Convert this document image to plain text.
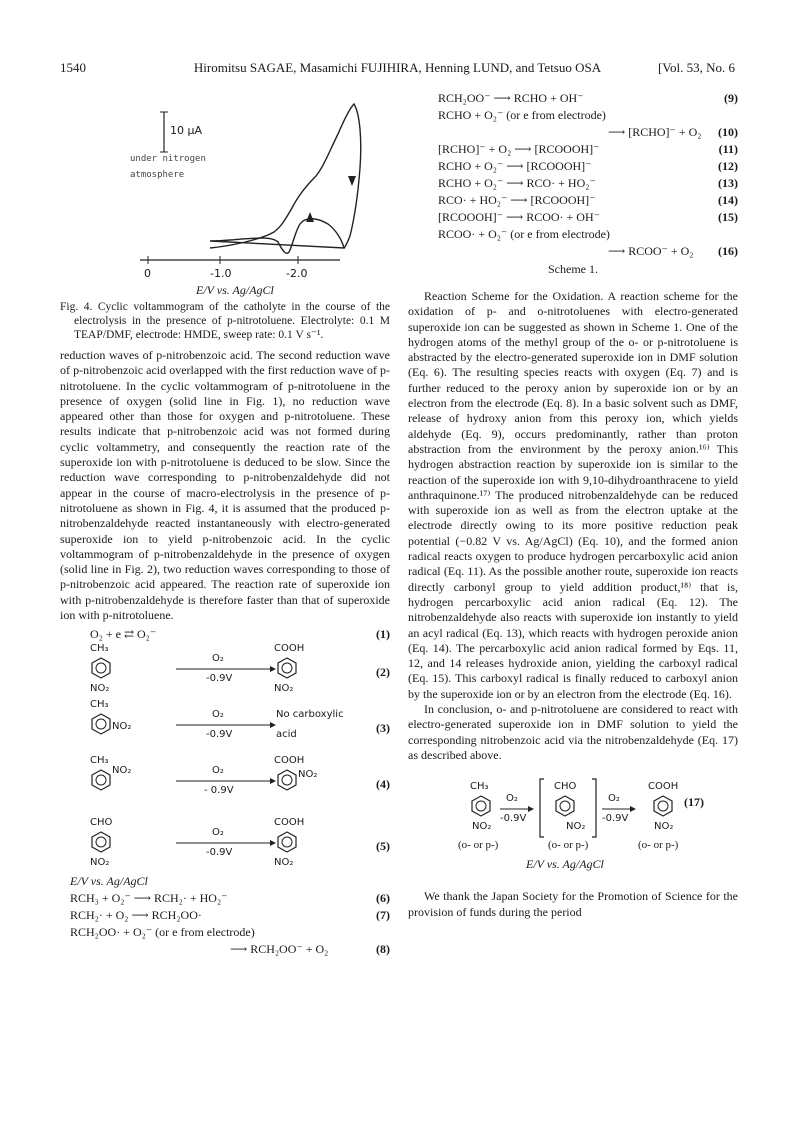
1540	Hiromitsu SAGAE, Masamichi FUJIHIRA, Henning LUND, and Tetsuo OSA	[Vol. 53, No. 6
10 μA
under nitrogen
atmosphere
0	-1.0	-2.0
E/V vs. Ag/AgCl

Fig. 4. Cyclic voltammogram of the catholyte in the course of the electrolysis in the presence of p-nitrotoluene. Electrolyte: 0.1 M TEAP/DMF, electrode: HMDE, sweep rate: 0.1 V s⁻¹.

reduction waves of p-nitrobenzoic acid. The second reduction wave of p-nitrobenzoic acid overlapped with the first reduction wave of p-nitrotoluene. In the cyclic voltammogram of p-nitrotoluene in the presence of oxygen (solid line in Fig. 1), no reduction wave appeared other than those for oxygen and p-nitrotoluene. These results indicate that p-nitrobenzoic acid was not formed during cyclic voltammetry, and consequently the reaction rate of the superoxide ion with p-nitrotoluene is deduced to be slow. Since the reduction wave corresponding to p-nitrobenzaldehyde did not appear in the course of macro-electrolysis in the presence of p-nitrotoluene as shown in Fig. 4, it is assumed that the produced p-nitrobenzaldehyde reacted instantaneously with electro-generated superoxide ion to yield p-nitrobenzoic acid. In the cyclic voltammogram of p-nitrobenzaldehyde in the presence of oxygen (solid line in Fig. 2), two reduction waves corresponding to those of p-nitrobenzoic acid appeared. The reaction rate of superoxide ion with p-nitrobenzaldehyde is therefore faster than that of superoxide ion with p-nitrotoluene.

O₂ + e ⇄ O₂⁻	(1)
CH₃
NO₂
O₂
-0.9V
COOH
NO₂
(2)
CH₃
NO₂
O₂
-0.9V
No carboxylic
acid	(3)
CH₃
NO₂	O₂
- 0.9V
COOH
NO₂
(4)
CHO
NO₂
O₂
-0.9V
COOH
NO₂
(5)
E/V vs. Ag/AgCl
RCH₃ + O₂⁻ ⟶ RCH₂· + HO₂⁻	(6)
RCH₂· + O₂ ⟶ RCH₂OO·	(7)
RCH₂OO· + O₂⁻ (or e from electrode)
⟶ RCH₂OO⁻ + O₂	(8)
RCH₂OO⁻ ⟶ RCHO + OH⁻	(9)
RCHO + O₂⁻ (or e from electrode)
⟶ [RCHO]⁻ + O₂ (10)
[RCHO]⁻ + O₂ ⟶ [RCOOOH]⁻	(11)
RCHO + O₂⁻ ⟶ [RCOOOH]⁻	(12)
RCHO + O₂⁻ ⟶ RCO· + HO₂⁻	(13)
RCO· + HO₂⁻ ⟶ [RCOOOH]⁻	(14)
[RCOOOH]⁻ ⟶ RCOO· + OH⁻	(15)
RCOO· + O₂⁻ (or e from electrode)
⟶ RCOO⁻ + O₂ (16)
Scheme 1.

Reaction Scheme for the Oxidation. A reaction scheme for the oxidation of p- and o-nitrotoluenes with electro-generated superoxide ion can be suggested as shown in Scheme 1. One of the hydrogen atoms of the methyl group of the o- or p-nitrotoluene is abstracted by the electro-generated superoxide ion in DMF solution (Eq. 6). The resulting species reacts with oxygen (Eq. 7) and is further reduced to the peroxy anion by superoxide ion or by an electron from the electrode (Eq. 8). In a basic solvent such as DMF, release of hydroxy anion from this peroxy ion, which yields aldehyde (Eq. 9), occurs predominantly, rather than proton abstraction from the environment by the peroxy anion.¹⁶⁾ This hydrogen abstraction reaction by superoxide ion is similar to the reaction of the superoxide ion with 9,10-dihydroanthracene to yield anthraquinone.¹⁷⁾ The produced nitrobenzaldehyde can be reduced with superoxide ion as well as from the electron uptake at the electrode directly owing to its more positive reduction peak potential (−0.82 V vs. Ag/AgCl) (Eq. 10), and the formed anion radical reacts oxygen to produce hydrogen percarboxylic acid anion radical (Eq. 11). As the possible another route, superoxide ion reacts directly carbonyl group to yield addition product,¹⁸⁾ that is, hydrogen percarboxylic acid anion radical (Eq. 12). The nitrobenzaldehyde also reacts with superoxide ion instantly to yield an acyl radical (Eq. 13), which reacts with hydrogen peroxide anion (Eq. 14). The percarboxylic acid anion radical formed by Eqs. 11, 12, and 14 releases hydroxide anion, yielding the carboxyl radical (Eq. 15). This carboxyl radical is finally reduced to carboxyl anion by the superoxide ion or by an electron from the electrode (Eq. 16).

In conclusion, o- and p-nitrotoluene are considered to react with electro-generated superoxide ion in DMF solution to yield the corresponding nitrobenzoic acid via the nitrobenzaldehyde (Eq. 17) as described above.

CH₃
NO₂
O₂
-0.9V
CHO
NO₂
O₂
-0.9V
COOH
NO₂
(17)
(o- or p-)	(o- or p-)	(o- or p-)
E/V vs. Ag/AgCl

We thank the Japan Society for the Promotion of Science for the provision of funds during the period
